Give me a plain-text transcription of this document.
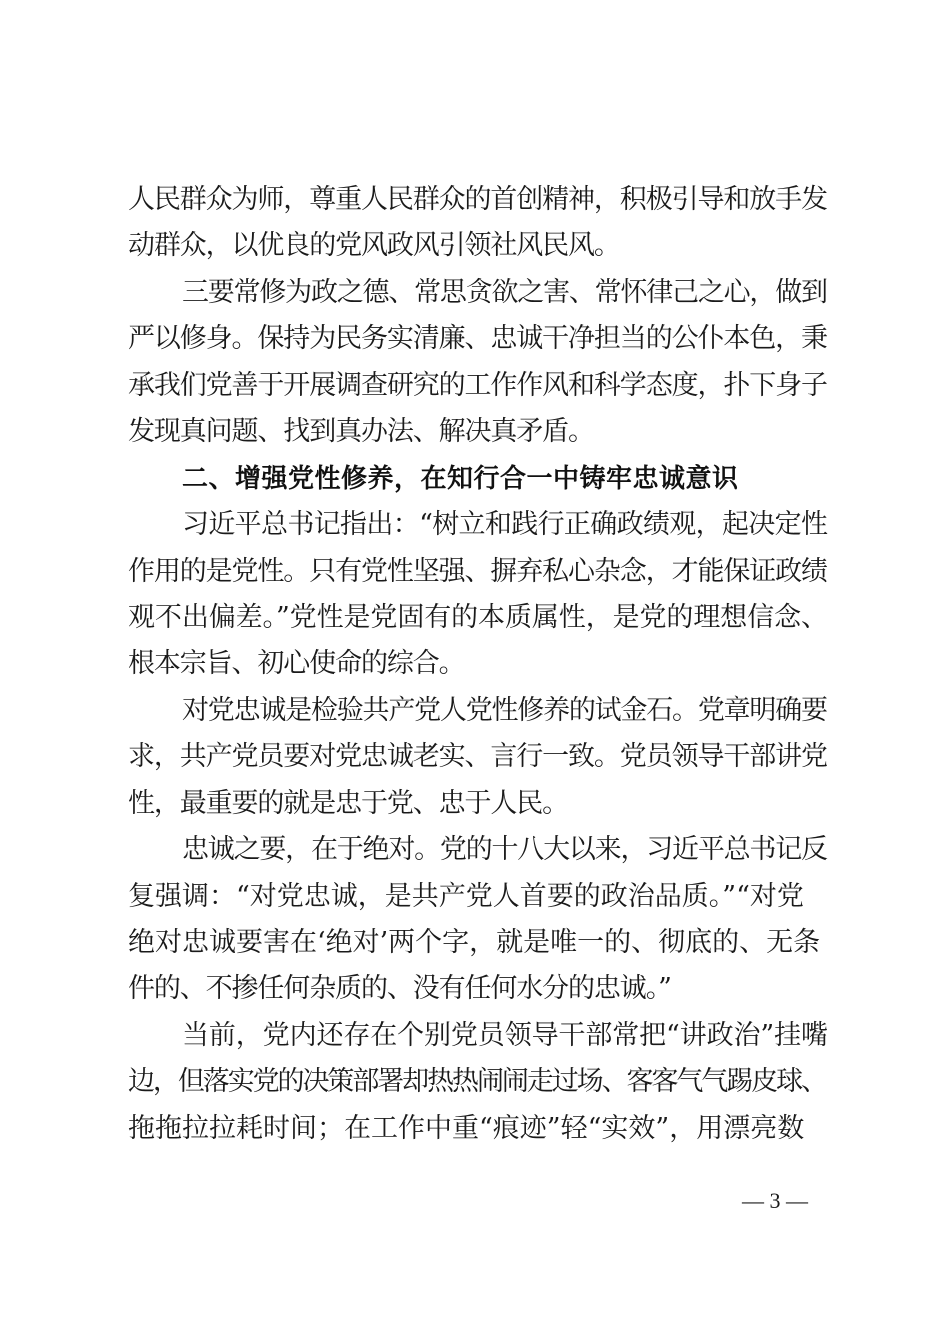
人民群众为师，尊重人民群众的首创精神，积极引导和放手发
动群众，以优良的党风政风引领社风民风。
三要常修为政之德、常思贪欲之害、常怀律己之心，做到
严以修身。保持为民务实清廉、忠诚干净担当的公仆本色，秉
承我们党善于开展调查研究的工作作风和科学态度，扑下身子
发现真问题、找到真办法、解决真矛盾。
二、增强党性修养，在知行合一中铸牢忠诚意识
习近平总书记指出：“树立和践行正确政绩观，起决定性
作用的是党性。只有党性坚强、摒弃私心杂念，才能保证政绩
观不出偏差。”党性是党固有的本质属性，是党的理想信念、
根本宗旨、初心使命的综合。
对党忠诚是检验共产党人党性修养的试金石。党章明确要
求，共产党员要对党忠诚老实、言行一致。党员领导干部讲党
性，最重要的就是忠于党、忠于人民。
忠诚之要，在于绝对。党的十八大以来，习近平总书记反
复强调：“对党忠诚，是共产党人首要的政治品质。”“对党
绝对忠诚要害在‘绝对’两个字，就是唯一的、彻底的、无条
件的、不掺任何杂质的、没有任何水分的忠诚。”
当前，党内还存在个别党员领导干部常把“讲政治”挂嘴
边，但落实党的决策部署却热热闹闹走过场、客客气气踢皮球、
拖拖拉拉耗时间；在工作中重“痕迹”轻“实效”，用漂亮数
— 3 —
